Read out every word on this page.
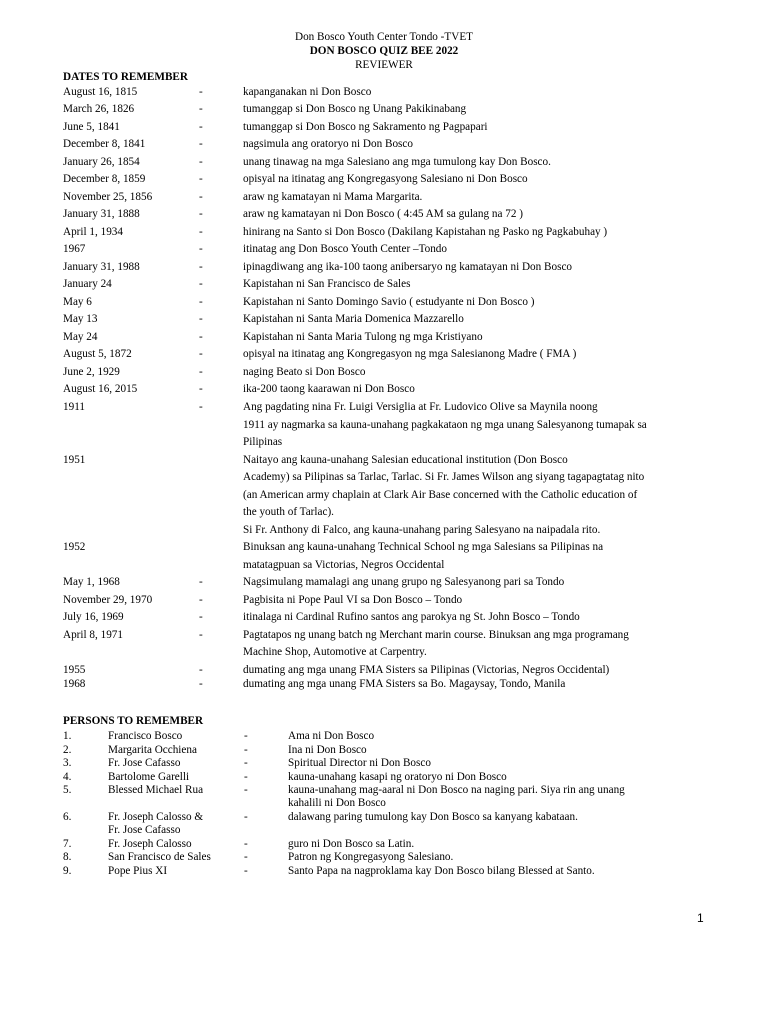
Don Bosco Youth Center Tondo -TVET
DON BOSCO QUIZ BEE 2022
REVIEWER
DATES TO REMEMBER
August 16, 1815	-	kapanganakan ni Don Bosco
March 26, 1826	-	tumanggap si Don Bosco ng Unang Pakikinabang
June 5, 1841	-	tumanggap si Don Bosco ng Sakramento ng Pagpapari
December 8, 1841	-	nagsimula ang oratoryo ni Don Bosco
January 26, 1854	-	unang tinawag na mga Salesiano ang mga tumulong kay Don Bosco.
December 8, 1859	-	opisyal na itinatag ang Kongregasyong Salesiano ni Don Bosco
November 25, 1856	-	araw ng kamatayan ni Mama Margarita.
January 31, 1888	-	araw ng kamatayan ni Don Bosco ( 4:45 AM sa gulang na 72 )
April 1, 1934	-	hinirang na Santo si Don Bosco (Dakilang Kapistahan ng Pasko ng Pagkabuhay )
1967	-	itinatag ang Don Bosco Youth Center –Tondo
January 31, 1988	-	ipinagdiwang ang ika-100 taong anibersaryo ng kamatayan ni Don Bosco
January 24	-	Kapistahan ni San Francisco de Sales
May 6	-	Kapistahan ni Santo Domingo Savio ( estudyante ni Don Bosco )
May 13	-	Kapistahan ni Santa Maria Domenica Mazzarello
May 24	-	Kapistahan ni Santa Maria Tulong ng mga Kristiyano
August 5, 1872	-	opisyal na itinatag ang Kongregasyon ng mga Salesianong Madre ( FMA )
June 2, 1929	-	naging Beato si Don Bosco
August 16, 2015	-	ika-200 taong kaarawan ni Don Bosco
1911	-	Ang pagdating nina Fr. Luigi Versiglia at Fr. Ludovico Olive sa Maynila noong
1911 ay nagmarka sa kauna-unahang pagkakataon ng mga unang Salesyanong tumapak sa
Pilipinas
1951	Naitayo ang kauna-unahang Salesian educational institution (Don Bosco
Academy) sa Pilipinas sa Tarlac, Tarlac. Si Fr. James Wilson ang siyang tagapagtatag nito
(an American army chaplain at Clark Air Base concerned with the Catholic education of
the youth of Tarlac).
Si Fr. Anthony di Falco, ang kauna-unahang paring Salesyano na naipadala rito.
1952	Binuksan ang kauna-unahang Technical School ng mga Salesians sa Pilipinas na
matatagpuan sa Victorias, Negros Occidental
May 1, 1968	-	Nagsimulang mamalagi ang unang grupo ng Salesyanong pari sa Tondo
November 29, 1970	-	Pagbisita ni Pope Paul VI sa Don Bosco – Tondo
July 16, 1969	-	itinalaga ni Cardinal Rufino santos ang parokya ng St. John Bosco – Tondo
April 8, 1971	-	Pagtatapos ng unang batch ng Merchant marin course. Binuksan ang mga programang
Machine Shop, Automotive at Carpentry.
1955	-	dumating ang mga unang FMA Sisters sa Pilipinas (Victorias, Negros Occidental)
1968	-	dumating ang mga unang FMA Sisters sa Bo. Magaysay, Tondo, Manila
PERSONS TO REMEMBER
1.	Francisco Bosco	-	Ama ni Don Bosco
2.	Margarita Occhiena	-	Ina ni Don Bosco
3.	Fr. Jose Cafasso	-	Spiritual Director ni Don Bosco
4.	Bartolome Garelli	-	kauna-unahang kasapi ng oratoryo ni Don Bosco
5.	Blessed Michael Rua	-	kauna-unahang mag-aaral ni Don Bosco na naging pari. Siya rin ang unang
kahalili ni Don Bosco
6.	Fr. Joseph Calosso &	-	dalawang paring tumulong kay Don Bosco sa kanyang kabataan.
Fr. Jose Cafasso
7.	Fr. Joseph Calosso	-	guro ni Don Bosco sa Latin.
8.	San Francisco de Sales	-	Patron ng Kongregasyong Salesiano.
9.	Pope Pius XI	-	Santo Papa na nagproklama kay Don Bosco bilang Blessed at Santo.
1
